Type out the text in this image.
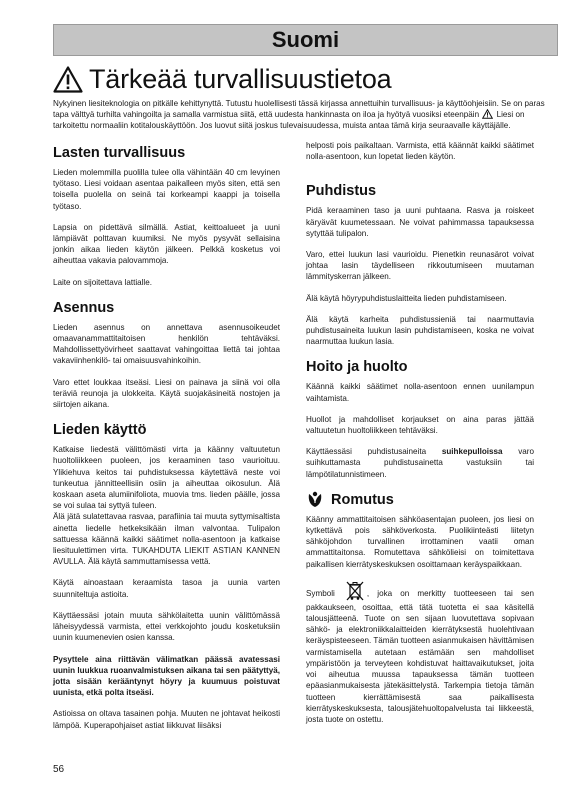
Suomi
Tärkeää turvallisuustietoa
Nykyinen liesiteknologia on pitkälle kehittynyttä. Tutustu huolellisesti tässä kirjassa annettuihin turvallisuus- ja käyttöohjeisiin. Se on paras tapa välttyä turhilta vahingoilta ja samalla varmistua siitä, että uudesta hankinnasta on iloa ja hyötyä vuosiksi eteenpäin Liesi on tarkoitettu normaaliin kotitalouskäyttöön. Jos luovut siitä joskus tulevaisuudessa, muista antaa tämä kirja seuraavalle käyttäjälle.
Lasten turvallisuus

Lieden molemmilla puolilla tulee olla vähintään 40 cm levyinen työtaso. Liesi voidaan asentaa paikalleen myös siten, että sen toisella puolella on seinä tai korkeampi kaappi ja toisella työtaso.

Lapsia on pidettävä silmällä. Astiat, keittoalueet ja uuni lämpiävät polttavan kuumiksi. Ne myös pysyvät sellaisina jonkin aikaa lieden käytön jälkeen. Pelkkä kosketus voi aiheuttaa vakavia palovammoja.

Laite on sijoitettava lattialle.

Asennus

Lieden asennus on annettava asennusoikeudet omaavanammattitaitoisen henkilön tehtäväksi. Mahdollissettyövirheet saattavat vahingoittaa liettä tai johtaa vakaviinhenkilö- tai omaisuusvahinkoihin.

Varo ettet loukkaa itseäsi. Liesi on painava ja siinä voi olla teräviä reunoja ja ulokkeita. Käytä suojakäsineitä nostojen ja siirtojen aikana.

Lieden käyttö

Katkaise liedestä välittömästi virta ja käänny valtuutetun huoltoliikkeen puoleen, jos keraaminen taso vaurioituu. Ylikiehuva keitos tai puhdistuksessa käytettävä neste voi tunkeutua jännitteellisiin osiin ja aiheuttaa oikosulun. Älä koskaan aseta alumiinifoliota, muovia tms. lieden päälle, jossa se voi sulaa tai syttyä tuleen.

Älä jätä sulatettavaa rasvaa, parafiinia tai muuta syttymisaltista ainetta liedelle hetkeksikään ilman valvontaa. Tulipalon sattuessa käännä kaikki säätimet nolla-asentoon ja katkaise liesituulettimen virta. TUKAHDUTA LIEKIT ASTIAN KANNEN AVULLA. Älä käytä sammuttamisessa vettä.

Käytä ainoastaan keraamista tasoa ja uunia varten suunniteltuja astioita.

Käyttäessäsi jotain muuta sähkölaitetta uunin välittömässä läheisyydessä varmista, ettei verkkojohto joudu kosketuksiin uunin kuumenevien osien kanssa.

Pysyttele aina riittävän välimatkan päässä avatessasi uunin luukkua ruoanvalmistuksen aikana tai sen päätyttyä, jotta sisään kerääntynyt höyry ja kuumuus poistuvat uunista, etkä polta itseäsi.

Astioissa on oltava tasainen pohja. Muuten ne johtavat heikosti lämpöä. Kuperapohjaiset astiat liikkuvat liisäksi

helposti pois paikaltaan. Varmista, että käännät kaikki säätimet nolla-asentoon, kun lopetat lieden käytön.

Puhdistus

Pidä keraaminen taso ja uuni puhtaana. Rasva ja roiskeet käryävät kuumetessaan. Ne voivat pahimmassa tapauksessa sytyttää tulipalon.

Varo, ettei luukun lasi vaurioidu. Pienetkin reunasärot voivat johtaa lasin täydelliseen rikkoutumiseen muutaman lämmityskerran jälkeen.

Älä käytä höyrypuhdistuslaitteita lieden puhdistamiseen.

Älä käytä karheita puhdistussieniä tai naarmuttavia puhdistusaineita luukun lasin puhdistamiseen, koska ne voivat naarmuttaa luukun lasia.

Hoito ja huolto

Käännä kaikki säätimet nolla-asentoon ennen uunilampun vaihtamista.

Huollot ja mahdolliset korjaukset on aina paras jättää valtuutetun huoltoliikkeen tehtäväksi.

Käyttäessäsi puhdistusaineita suihkepulloissa varo suihkuttamasta puhdistusainetta vastuksiin tai lämpötilatunnistimeen.

Romutus

Käänny ammattitaitoisen sähköasentajan puoleen, jos liesi on kytkettävä pois sähköverkosta. Puolikiinteästi liitetyn sähköjohdon turvallinen irrottaminen vaatii oman ammattitaitonsa. Romutettava sähkölieisi on toimitettava paikallisen kierrätyskeskuksen osoittamaan keräyspaikkaan.

Symboli	, joka on merkitty tuotteeseen tai sen pakkaukseen, osoittaa, että tätä tuotetta ei saa käsitellä talousjätteenä. Tuote on sen sijaan luovutettava sopivaan sähkö- ja elektroniikkalaitteiden kierrätyksestä huolehtivaan keräyspisteeseen. Tämän tuotteen asianmukaisen hävittämisen varmistamisella autetaan estämään sen mahdolliset ympäristöön ja terveyteen kohdistuvat haittavaikutukset, joita voi aiheutua muussa tapauksessa tämän tuotteen epäasianmukaisesta jätekäsittelystä. Tarkempia tietoja tämän tuotteen kierrättämisestä saa paikallisesta kierrätyskeskuksesta, talousjätehuoltopalvelusta tai liikkeestä, josta tuote on ostettu.

56
